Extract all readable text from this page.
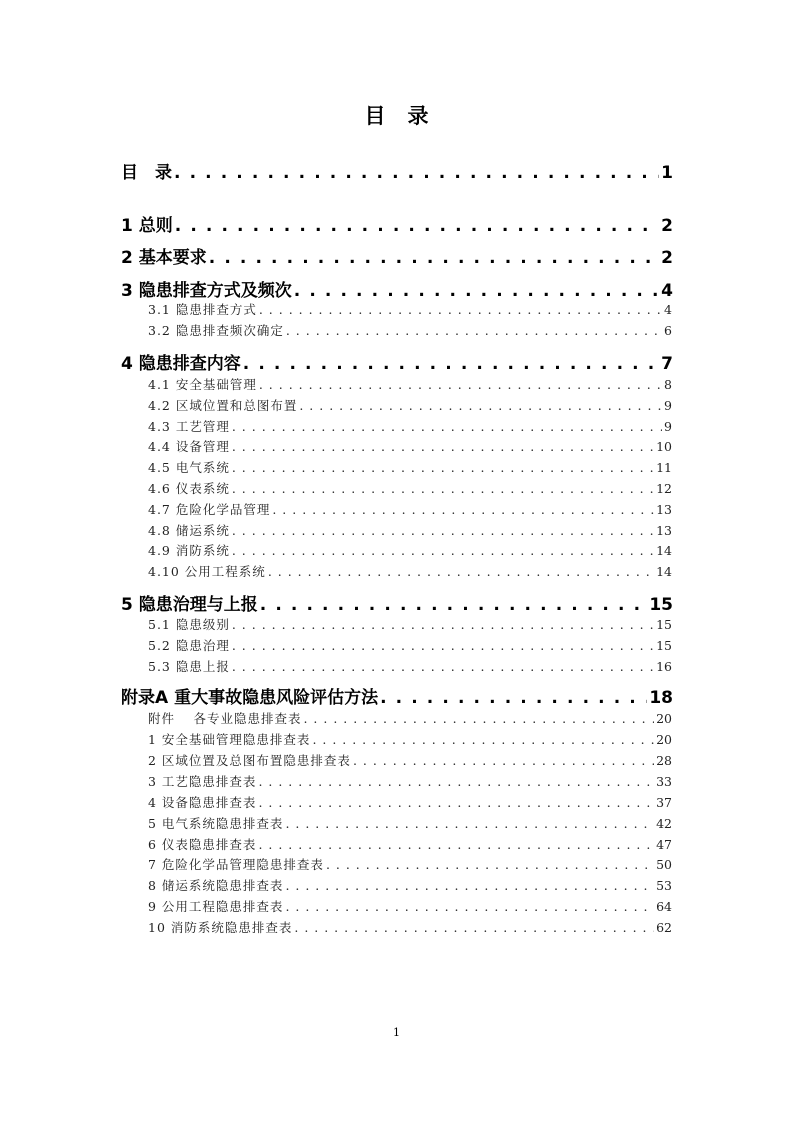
目 录
目　录 . . .	1
1 总则 . . .	2
2 基本要求 . . .	2
3 隐患排查方式及频次 . . .	4
3.1 隐患排查方式 . . .	4
3.2 隐患排查频次确定 . . .	6
4 隐患排查内容 . . .	7
4.1 安全基础管理 . . .	8
4.2 区域位置和总图布置 . . .	9
4.3 工艺管理 . . .	9
4.4 设备管理 . . .	10
4.5 电气系统 . . .	11
4.6 仪表系统 . . .	12
4.7 危险化学品管理 . . .	13
4.8 储运系统 . . .	13
4.9 消防系统 . . .	14
4.10 公用工程系统 . . .	14
5 隐患治理与上报 . . .	15
5.1 隐患级别 . . .	15
5.2 隐患治理 . . .	15
5.3 隐患上报 . . .	16
附录A 重大事故隐患风险评估方法 . . .	18
附件　 各专业隐患排查表 . . .	20
1 安全基础管理隐患排查表 . . .	20
2 区域位置及总图布置隐患排查表 . . .	28
3 工艺隐患排查表 . . .	33
4 设备隐患排查表 . . .	37
5 电气系统隐患排查表 . . .	42
6 仪表隐患排查表 . . .	47
7 危险化学品管理隐患排查表 . . .	50
8 储运系统隐患排查表 . . .	53
9 公用工程隐患排查表 . . .	64
10 消防系统隐患排查表 . . .	62
1
